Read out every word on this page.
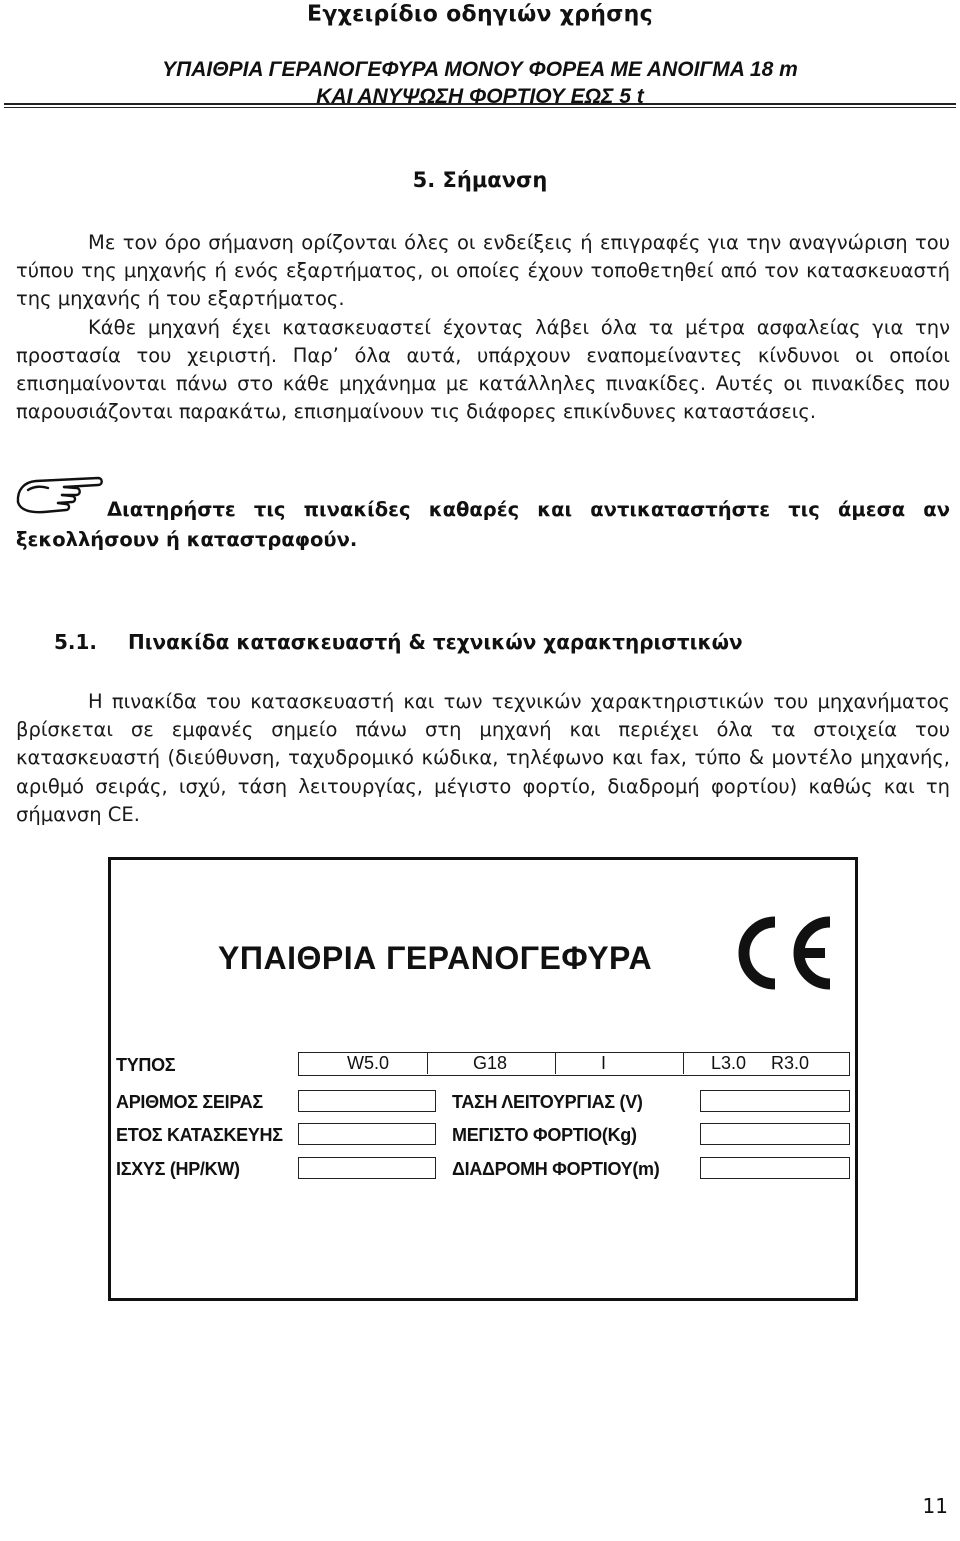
Εγχειρίδιο οδηγιών χρήσης
ΥΠΑΙΘΡΙΑ ΓΕΡΑΝΟΓΕΦΥΡΑ ΜΟΝΟΥ ΦΟΡΕΑ ΜΕ ΑΝΟΙΓΜΑ 18 m
ΚΑΙ ΑΝΥΨΩΣΗ ΦΟΡΤΙΟΥ ΕΩΣ 5 t
5. Σήμανση

Με τον όρο σήμανση ορίζονται όλες οι ενδείξεις ή επιγραφές για την αναγνώριση του τύπου της μηχανής ή ενός εξαρτήματος, οι οποίες έχουν τοποθετηθεί από τον κατασκευαστή της μηχανής ή του εξαρτήματος.

Κάθε μηχανή έχει κατασκευαστεί έχοντας λάβει όλα τα μέτρα ασφαλείας για την προστασία του χειριστή. Παρ’ όλα αυτά, υπάρχουν εναπομείναντες κίνδυνοι οι οποίοι επισημαίνονται πάνω στο κάθε μηχάνημα με κατάλληλες πινακίδες. Αυτές οι πινακίδες που παρουσιάζονται παρακάτω, επισημαίνουν τις διάφορες επικίνδυνες καταστάσεις.

Διατηρήστε τις πινακίδες καθαρές και αντικαταστήστε τις άμεσα αν ξεκολλήσουν ή καταστραφούν.
5.1. Πινακίδα κατασκευαστή & τεχνικών χαρακτηριστικών

Η πινακίδα του κατασκευαστή και των τεχνικών χαρακτηριστικών του μηχανήματος βρίσκεται σε εμφανές σημείο πάνω στη μηχανή και περιέχει όλα τα στοιχεία του κατασκευαστή (διεύθυνση, ταχυδρομικό κώδικα, τηλέφωνο και fax, τύπο & μοντέλο μηχανής, αριθμό σειράς, ισχύ, τάση λειτουργίας, μέγιστο φορτίο, διαδρομή φορτίου) καθώς και τη σήμανση CE.

ΥΠΑΙΘΡΙΑ ΓΕΡΑΝΟΓΕΦΥΡΑ
ΤΥΠΟΣ	W5.0	G18	I	L3.0 R3.0
ΑΡΙΘΜΟΣ ΣΕΙΡΑΣ	ΤΑΣΗ ΛΕΙΤΟΥΡΓΙΑΣ (V)
ΕΤΟΣ ΚΑΤΑΣΚΕΥΗΣ	ΜΕΓΙΣΤΟ ΦΟΡΤΙΟ(Kg)
ΙΣΧΥΣ (HP/KW)	ΔΙΑΔΡΟΜΗ ΦΟΡΤΙΟΥ(m)
11
